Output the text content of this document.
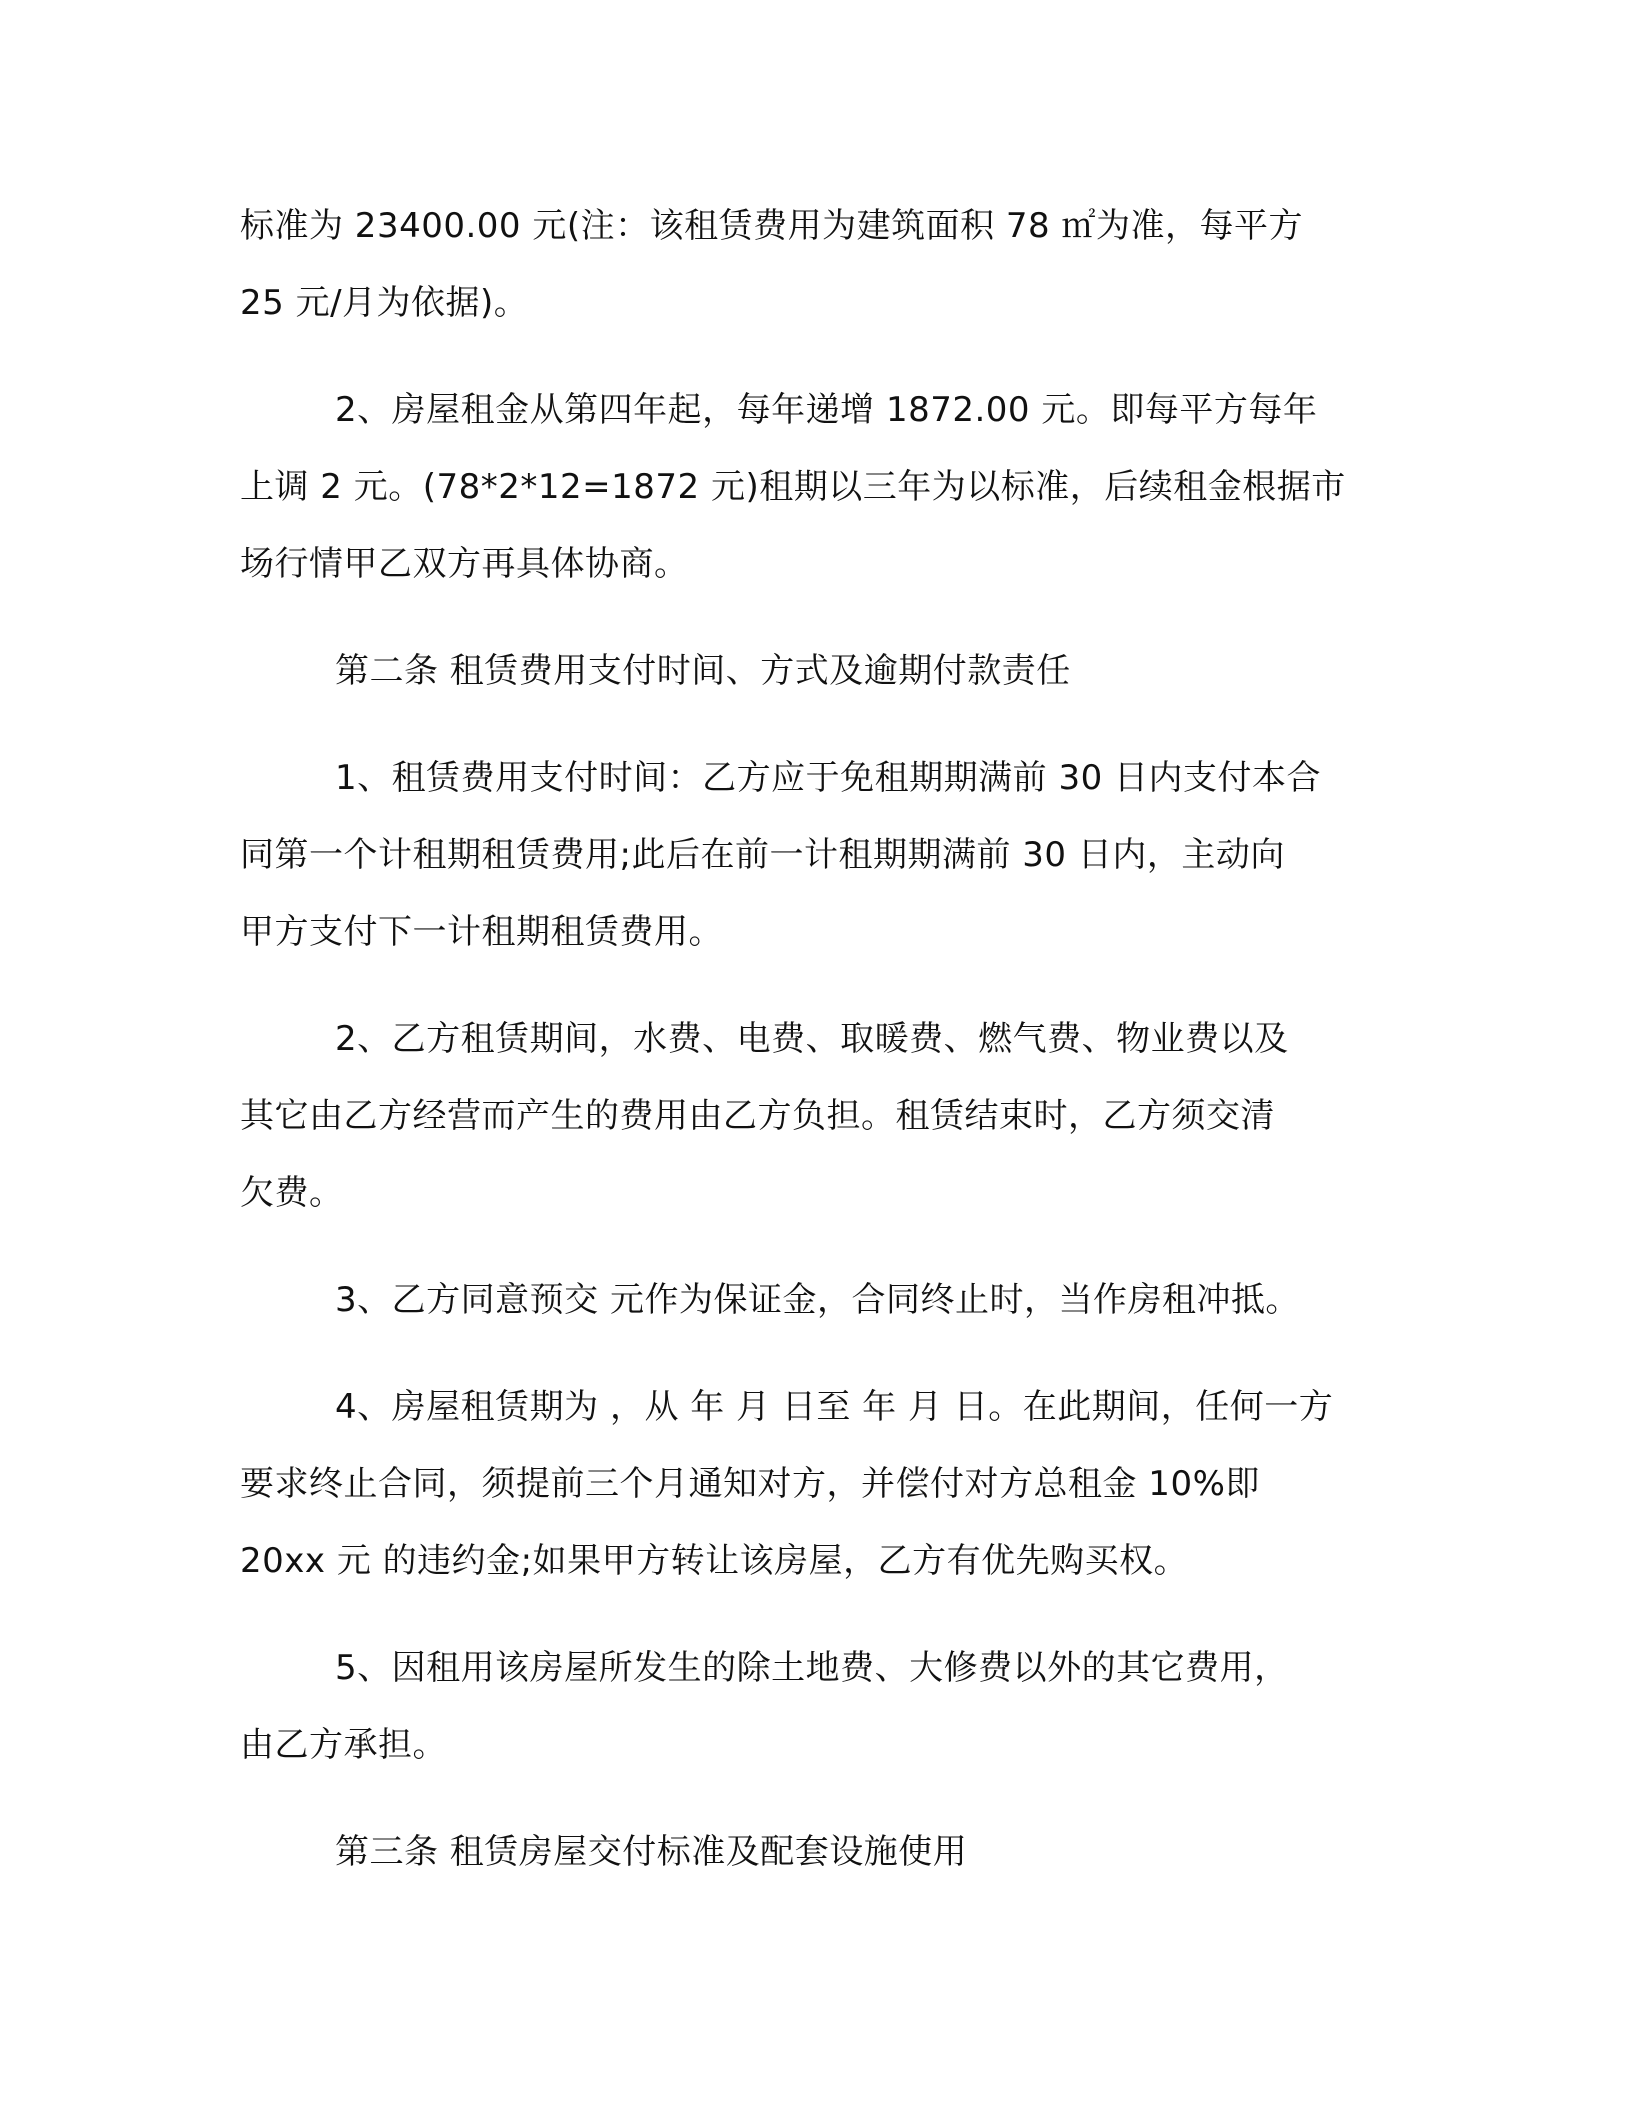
标准为 23400.00 元(注：该租赁费用为建筑面积 78 ㎡为准，每平方
25 元/月为依据)。

2、房屋租金从第四年起，每年递增 1872.00 元。即每平方每年
上调 2 元。(78*2*12=1872 元)租期以三年为以标准，后续租金根据市
场行情甲乙双方再具体协商。

第二条 租赁费用支付时间、方式及逾期付款责任

1、租赁费用支付时间：乙方应于免租期期满前 30 日内支付本合
同第一个计租期租赁费用;此后在前一计租期期满前 30 日内，主动向
甲方支付下一计租期租赁费用。

2、乙方租赁期间，水费、电费、取暖费、燃气费、物业费以及
其它由乙方经营而产生的费用由乙方负担。租赁结束时，乙方须交清
欠费。

3、乙方同意预交 元作为保证金，合同终止时，当作房租冲抵。

4、房屋租赁期为 ，从 年 月 日至 年 月 日。在此期间，任何一方
要求终止合同，须提前三个月通知对方，并偿付对方总租金 10%即
20xx 元 的违约金;如果甲方转让该房屋，乙方有优先购买权。

5、因租用该房屋所发生的除土地费、大修费以外的其它费用，
由乙方承担。

第三条 租赁房屋交付标准及配套设施使用
